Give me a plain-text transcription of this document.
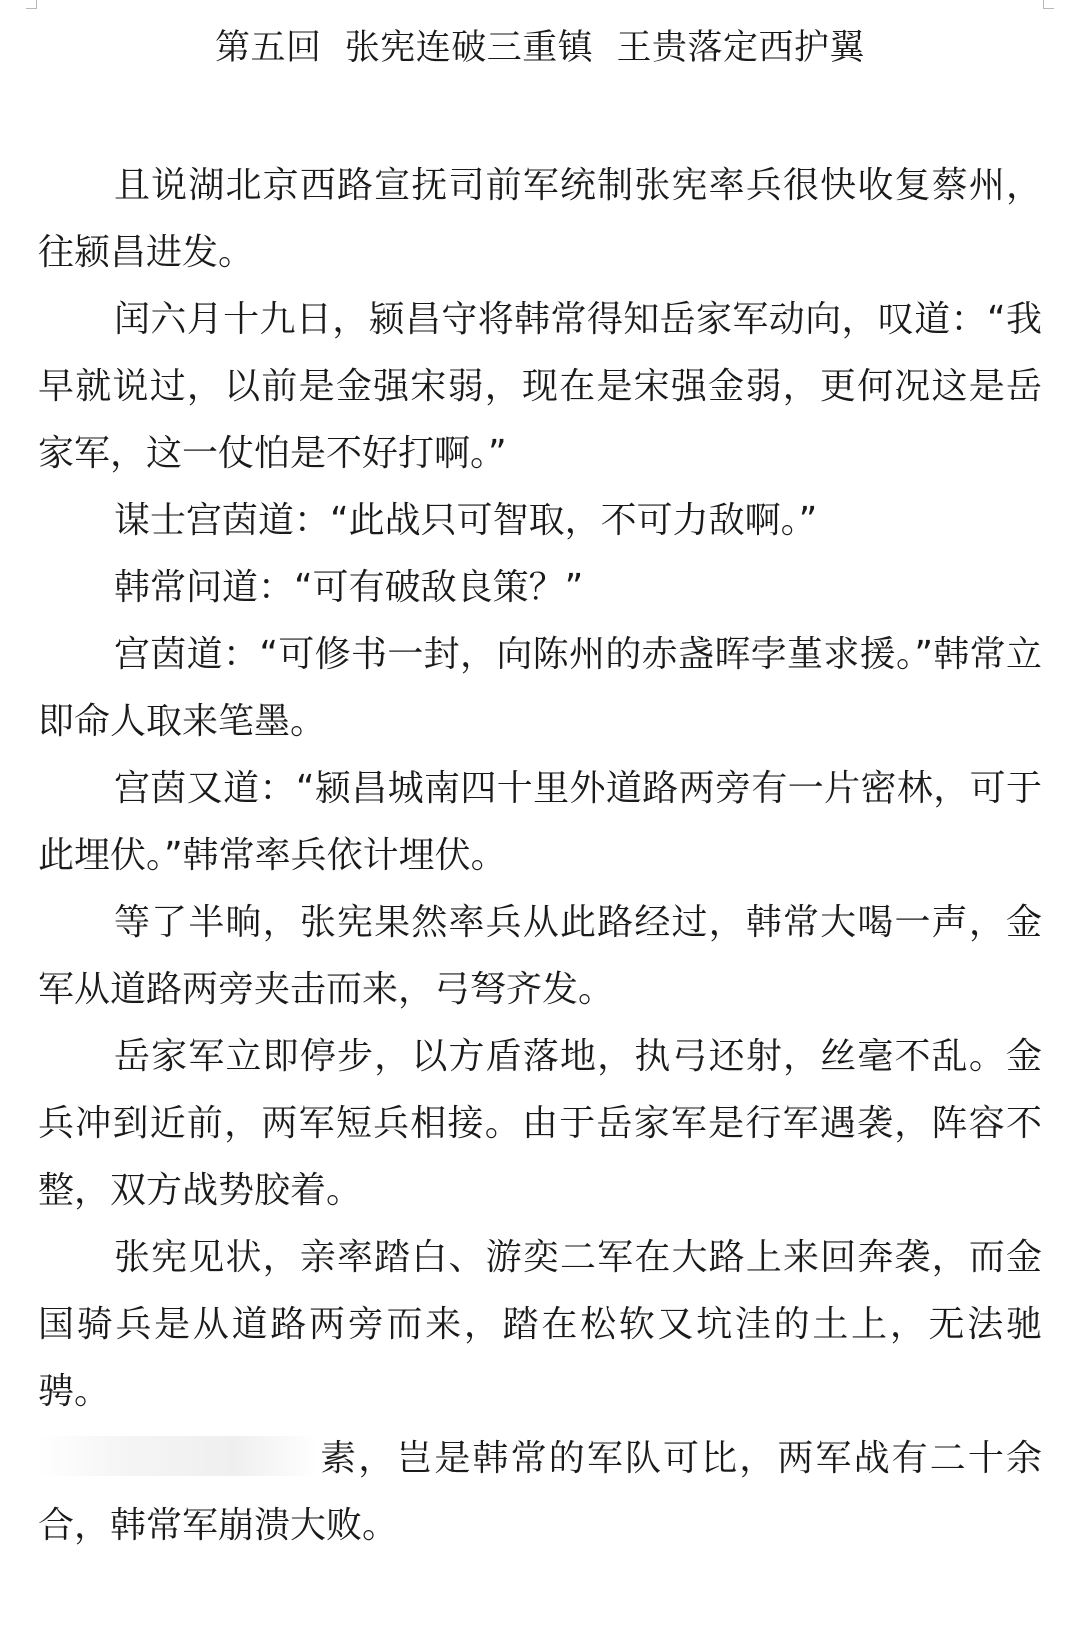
第五回  张宪连破三重镇  王贵落定西护翼

且说湖北京西路宣抚司前军统制张宪率兵很快收复蔡州，往颍昌进发。

闰六月十九日，颍昌守将韩常得知岳家军动向，叹道：“我早就说过，以前是金强宋弱，现在是宋强金弱，更何况这是岳家军，这一仗怕是不好打啊。”

谋士宫茵道：“此战只可智取，不可力敌啊。”

韩常问道：“可有破敌良策？”

宫茵道：“可修书一封，向陈州的赤盏晖孛堇求援。”韩常立即命人取来笔墨。

宫茵又道：“颍昌城南四十里外道路两旁有一片密林，可于此埋伏。”韩常率兵依计埋伏。

等了半晌，张宪果然率兵从此路经过，韩常大喝一声，金军从道路两旁夹击而来，弓弩齐发。

岳家军立即停步，以方盾落地，执弓还射，丝毫不乱。金兵冲到近前，两军短兵相接。由于岳家军是行军遇袭，阵容不整，双方战势胶着。

张宪见状，亲率踏白、游奕二军在大路上来回奔袭，而金国骑兵是从道路两旁而来，踏在松软又坑洼的土上，无法驰骋。

素，岂是韩常的军队可比，两军战有二十余合，韩常军崩溃大败。
